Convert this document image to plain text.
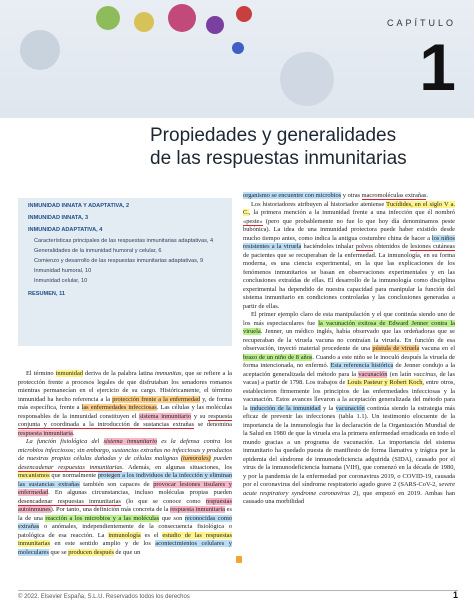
CAPÍTULO
1
Propiedades y generalidades
de las respuestas inmunitarias
INMUNIDAD INNATA Y ADAPTATIVA, 2
INMUNIDAD INNATA, 3
INMUNIDAD ADAPTATIVA, 4
Características principales de las respuestas inmunitarias adaptativas, 4
Generalidades de la inmunidad humoral y celular, 6
Comienzo y desarrollo de las respuestas inmunitarias adaptativas, 9
Inmunidad humoral, 10
Inmunidad celular, 10
RESUMEN, 11

El término inmunidad deriva de la palabra latina immunitas, que se refiere a la protección frente a procesos legales de que disfrutaban los senadores romanos mientras permanecían en el ejercicio de su cargo. Históricamente, el término inmunidad ha hecho referencia a la protección frente a la enfermedad y, de forma más específica, frente a las enfermedades infecciosas. Las células y las moléculas responsables de la inmunidad constituyen el sistema inmunitario y su respuesta conjunta y coordinada a la introducción de sustancias extrañas se denomina respuesta inmunitaria.

La función fisiológica del sistema inmunitario es la defensa contra los microbios infecciosos; sin embargo, sustancias extrañas no infecciosas y productos de nuestras propias células dañadas y de células malignas (tumorales) pueden desencadenar respuestas inmunitarias. Además, en algunas situaciones, los mecanismos que normalmente protegen a los individuos de la infección y eliminan las sustancias extrañas también son capaces de provocar lesiones tisulares y enfermedad. En algunas circunstancias, incluso moléculas propias pueden desencadenar respuestas inmunitarias (lo que se conoce como respuestas autoinmunes). Por tanto, una definición más concreta de la respuesta inmunitaria es la de una reacción a los microbios y a las moléculas que son reconocidas como extrañas o anómales, independientemente de la consecuencia fisiológica o patológica de esa reacción. La inmunología es el estudio de las respuestas inmunitarias en este sentido amplio y de los acontecimientos celulares y moleculares que se producen después de que un

organismo se encuentre con microbios y otras macromoléculas extrañas.

Los historiadores atribuyen al historiador ateniense Tucídides, en el siglo V a. C., la primera mención a la inmunidad frente a una infección que él nombró «peste» (pero que probablemente no fue lo que hoy día denominamos peste bubónica). La idea de una inmunidad protectora puede haber existido desde mucho tiempo antes, como indica la antigua costumbre china de hacer a los niños resistentes a la viruela haciéndoles inhalar polvos obtenidos de lesiones cutáneas de pacientes que se recuperaban de la enfermedad. La inmunología, en su forma moderna, es una ciencia experimental, en la que las explicaciones de los fenómenos inmunitarios se basan en observaciones experimentales y en las conclusiones extraídas de ellas. El desarrollo de la inmunología como disciplina experimental ha dependido de nuestra capacidad para manipular la función del sistema inmunitario en condiciones controladas y las conclusiones generadas a partir de ellas.

El primer ejemplo claro de esta manipulación y el que continúa siendo uno de los más espectaculares fue la vacunación exitosa de Edward Jenner contra la viruela. Jenner, un médico inglés, había observado que las ordeñadoras que se recuperaban de la viruela vacuna no contraían la viruela. En función de esa observación, inyectó material procedente de una pústula de viruela vacuna en el brazo de un niño de 8 años. Cuando a este niño se le inoculó después la viruela de forma intencionada, no enfermó. Esta referencia histórica de Jenner condujo a la aceptación generalizada del método para la vacunación (en latín vaccinus, de las vacas) a partir de 1798. Los trabajos de Louis Pasteur y Robert Koch, entre otros, establecieron firmemente los principios de las enfermedades infecciosas y la vacunación. Estos avances llevaron a la aceptación generalizada del método para la inducción de la inmunidad y la vacunación continúa siendo la estrategia más eficaz de prevenir las infecciones (tabla 1.1). Un testimonio elocuente de la importancia de la inmunología fue la declaración de la Organización Mundial de la Salud en 1980 de que la viruela era la primera enfermedad erradicada en todo el mundo gracias a un programa de vacunación. La importancia del sistema inmunitario ha quedado puesta de manifiesto de forma llamativa y trágica por la epidemia del síndrome de inmunodeficiencia adquirida (SIDA), causado por el virus de la inmunodeficiencia humana (VIH), que comenzó en la década de 1980, y por la pandemia de la enfermedad por coronavirus 2019, o COVID-19, causada por el coronavirus del síndrome respiratorio agudo grave 2 (SARS-CoV-2, severe acute respiratory syndrome coronavirus 2), que empezó en 2019. Ambas han causado una morbilidad

© 2022. Elsevier España, S.L.U. Reservados todos los derechos	1
